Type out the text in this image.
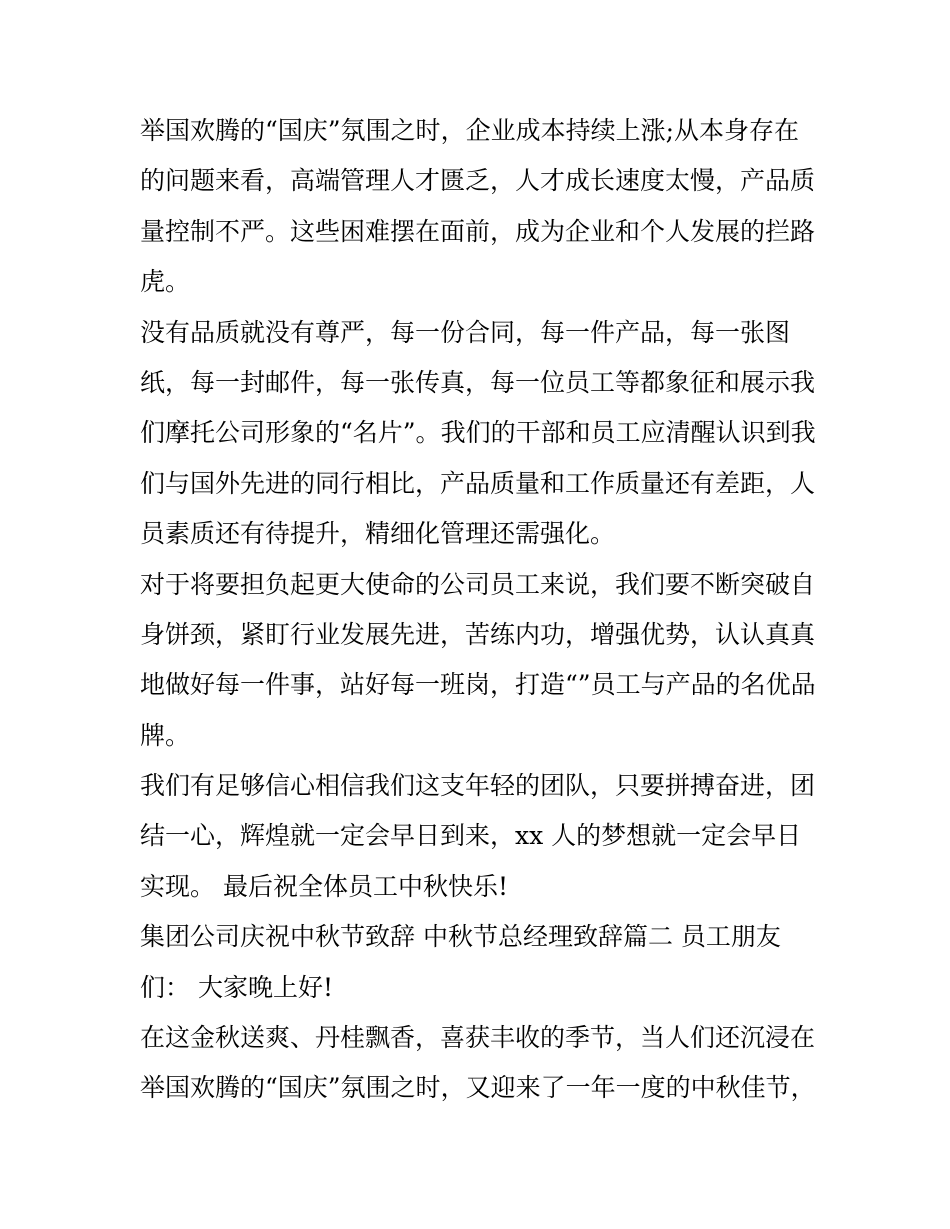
举国欢腾的“国庆”氛围之时，企业成本持续上涨;从本身存在
的问题来看，高端管理人才匮乏，人才成长速度太慢，产品质
量控制不严。这些困难摆在面前，成为企业和个人发展的拦路
虎。
没有品质就没有尊严，每一份合同，每一件产品，每一张图
纸，每一封邮件，每一张传真，每一位员工等都象征和展示我
们摩托公司形象的“名片”。我们的干部和员工应清醒认识到我
们与国外先进的同行相比，产品质量和工作质量还有差距，人
员素质还有待提升，精细化管理还需强化。
对于将要担负起更大使命的公司员工来说，我们要不断突破自
身饼颈，紧盯行业发展先进，苦练内功，增强优势，认认真真
地做好每一件事，站好每一班岗，打造“”员工与产品的名优品
牌。
我们有足够信心相信我们这支年轻的团队，只要拼搏奋进，团
结一心，辉煌就一定会早日到来，xx 人的梦想就一定会早日
实现。 最后祝全体员工中秋快乐!
集团公司庆祝中秋节致辞 中秋节总经理致辞篇二 员工朋友
们： 大家晚上好!
在这金秋送爽、丹桂飘香，喜获丰收的季节，当人们还沉浸在
举国欢腾的“国庆”氛围之时，又迎来了一年一度的中秋佳节，
